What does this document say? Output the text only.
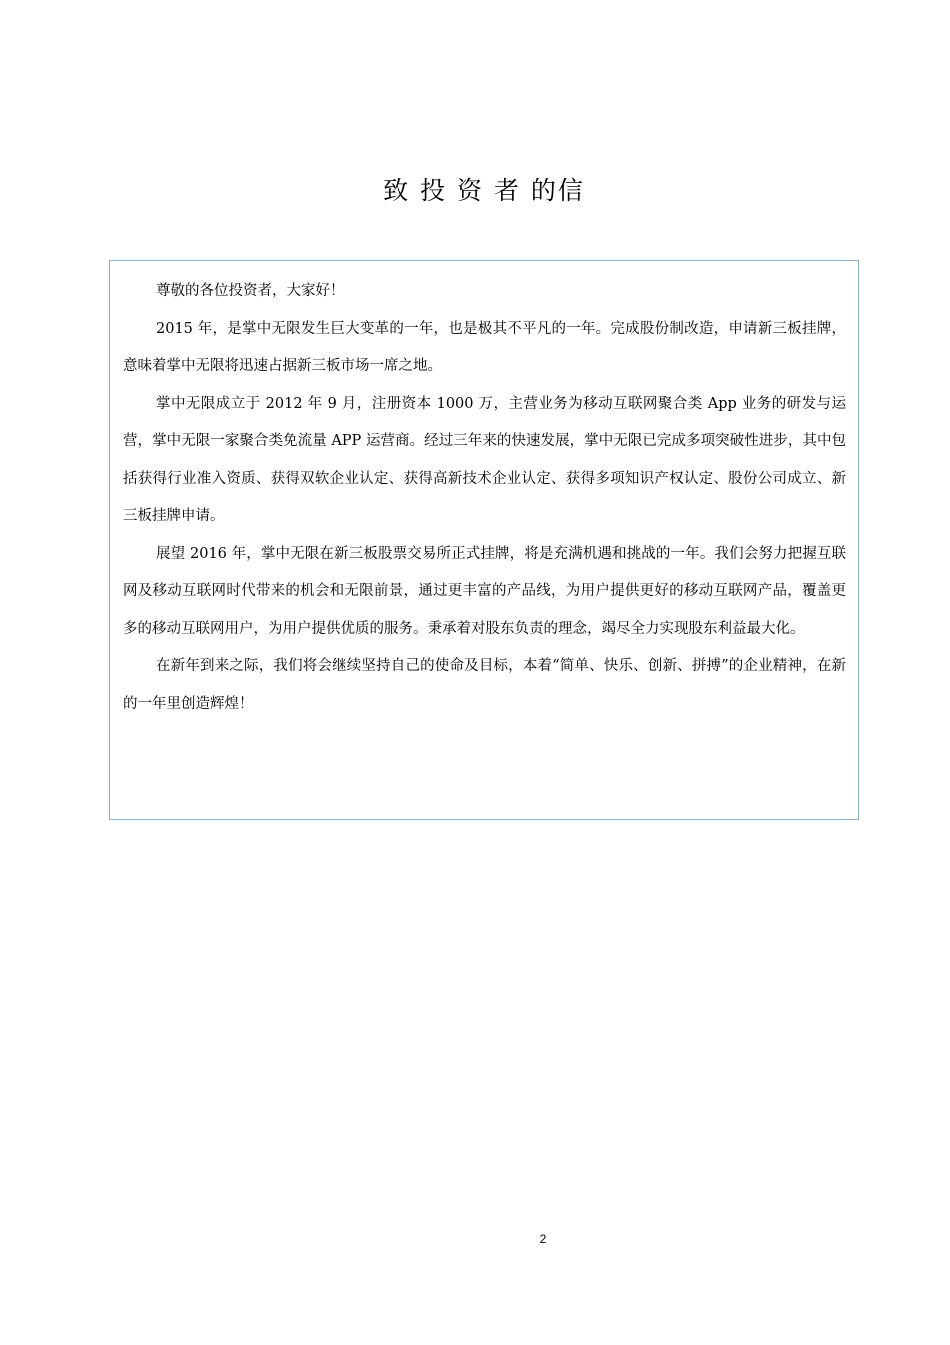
致 投 资 者 的信

尊敬的各位投资者，大家好！

2015 年，是掌中无限发生巨大变革的一年，也是极其不平凡的一年。完成股份制改造，申请新三板挂牌，意味着掌中无限将迅速占据新三板市场一席之地。

掌中无限成立于 2012 年 9 月，注册资本 1000 万，主营业务为移动互联网聚合类 App 业务的研发与运营，掌中无限一家聚合类免流量 APP 运营商。经过三年来的快速发展，掌中无限已完成多项突破性进步，其中包括获得行业准入资质、获得双软企业认定、获得高新技术企业认定、获得多项知识产权认定、股份公司成立、新三板挂牌申请。

展望 2016 年，掌中无限在新三板股票交易所正式挂牌，将是充满机遇和挑战的一年。我们会努力把握互联网及移动互联网时代带来的机会和无限前景，通过更丰富的产品线，为用户提供更好的移动互联网产品，覆盖更多的移动互联网用户，为用户提供优质的服务。秉承着对股东负责的理念，竭尽全力实现股东利益最大化。

在新年到来之际，我们将会继续坚持自己的使命及目标，本着“简单、快乐、创新、拼搏”的企业精神，在新的一年里创造辉煌！

2
